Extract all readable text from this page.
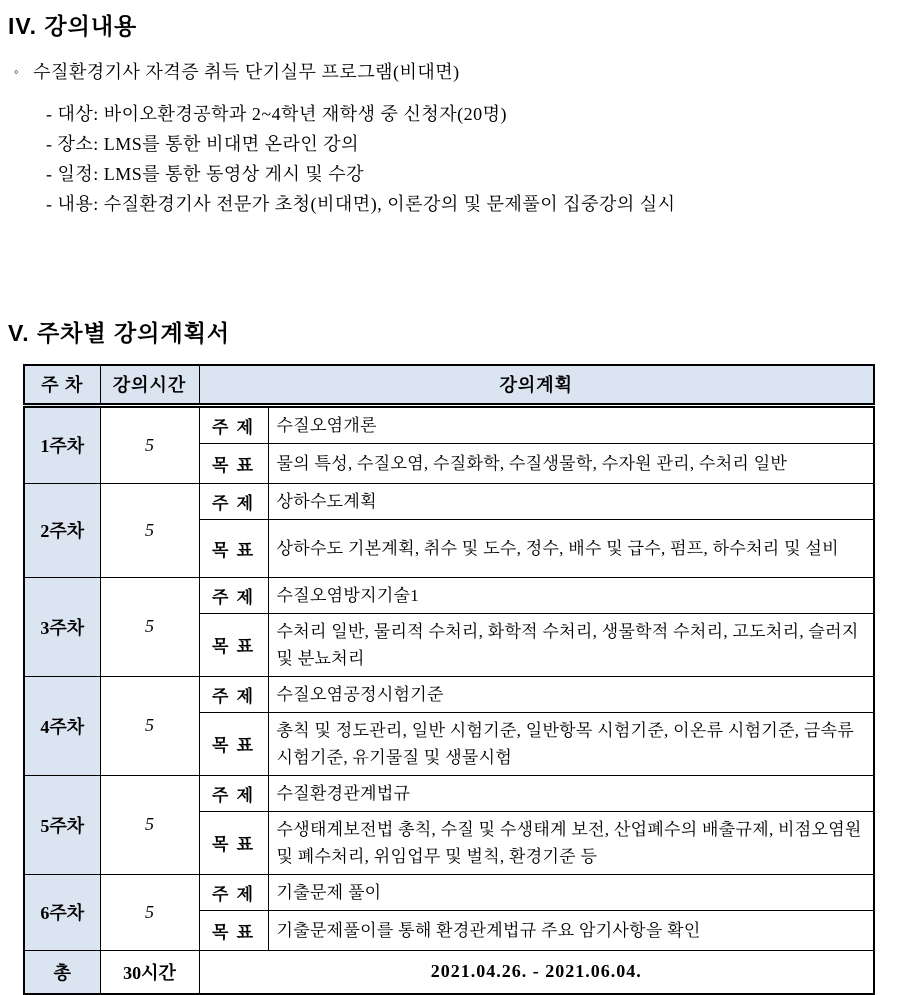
IV. 강의내용
◦ 수질환경기사 자격증 취득 단기실무 프로그램(비대면)
- 대상: 바이오환경공학과 2~4학년 재학생 중 신청자(20명)
- 장소: LMS를 통한 비대면 온라인 강의
- 일정: LMS를 통한 동영상 게시 및 수강
- 내용: 수질환경기사 전문가 초청(비대면), 이론강의 및 문제풀이 집중강의 실시
V. 주차별 강의계획서
주 차	강의시간	강의계획	
1주차	5	주 제	수질오염개론
		목 표	물의 특성, 수질오염, 수질화학, 수질생물학, 수자원 관리, 수처리 일반
2주차	5	주 제	상하수도계획
		목 표	상하수도 기본계획, 취수 및 도수, 정수, 배수 및 급수, 펌프, 하수처리 및 설비
3주차	5	주 제	수질오염방지기술1
		목 표	수처리 일반, 물리적 수처리, 화학적 수처리, 생물학적 수처리, 고도처리, 슬러지 및 분뇨처리
4주차	5	주 제	수질오염공정시험기준
		목 표	총칙 및 정도관리, 일반 시험기준, 일반항목 시험기준, 이온류 시험기준, 금속류 시험기준, 유기물질 및 생물시험
5주차	5	주 제	수질환경관계법규
		목 표	수생태계보전법 총칙, 수질 및 수생태계 보전, 산업폐수의 배출규제, 비점오염원 및 폐수처리, 위임업무 및 벌칙, 환경기준 등
6주차	5	주 제	기출문제 풀이
		목 표	기출문제풀이를 통해 환경관계법규 주요 암기사항을 확인
총	30시간	2021.04.26. - 2021.06.04.	
